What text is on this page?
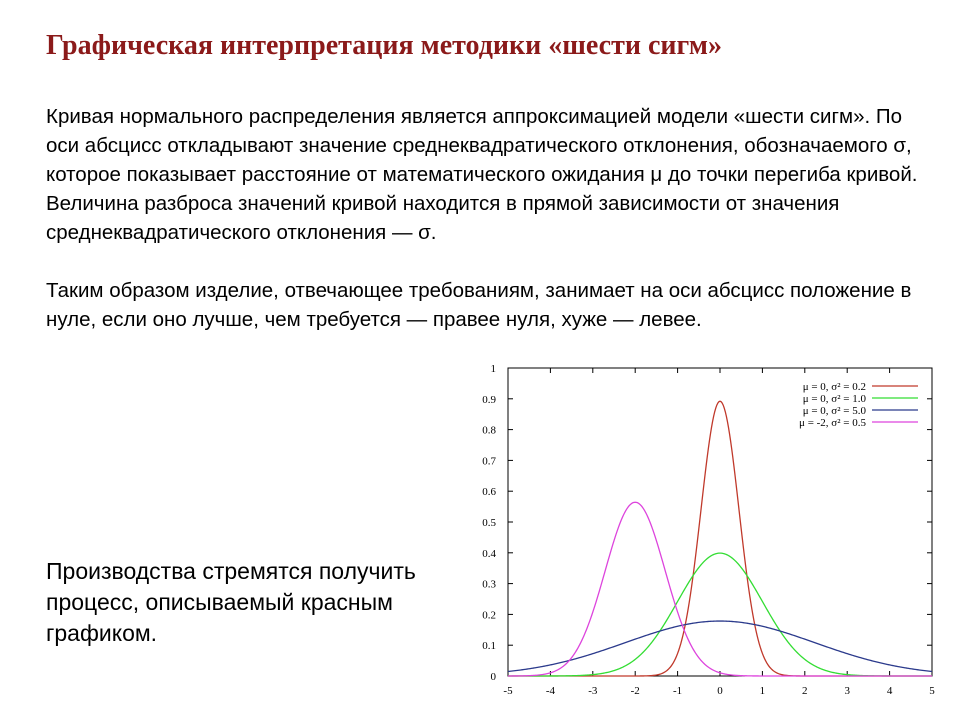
Графическая интерпретация методики «шести сигм»
Кривая нормального распределения является аппроксимацией модели «шести сигм». По оси абсцисс откладывают значение среднеквадратического отклонения, обозначаемого σ, которое показывает расстояние от математического ожидания μ до точки перегиба кривой. Величина разброса значений кривой находится в прямой зависимости от значения среднеквадратического отклонения — σ.
Таким образом изделие, отвечающее требованиям, занимает на оси абсцисс положение в нуле, если оно лучше, чем требуется — правее нуля, хуже — левее.
Производства стремятся получить процесс, описываемый красным графиком.
-5	-4	-3	-2	-1	0	1	2	3	4	5
0
0.1
0.2
0.3
0.4
0.5
0.6
0.7
0.8
0.9
1
μ = 0, σ² = 0.2
μ = 0, σ² = 1.0
μ = 0, σ² = 5.0
μ = -2, σ² = 0.5
